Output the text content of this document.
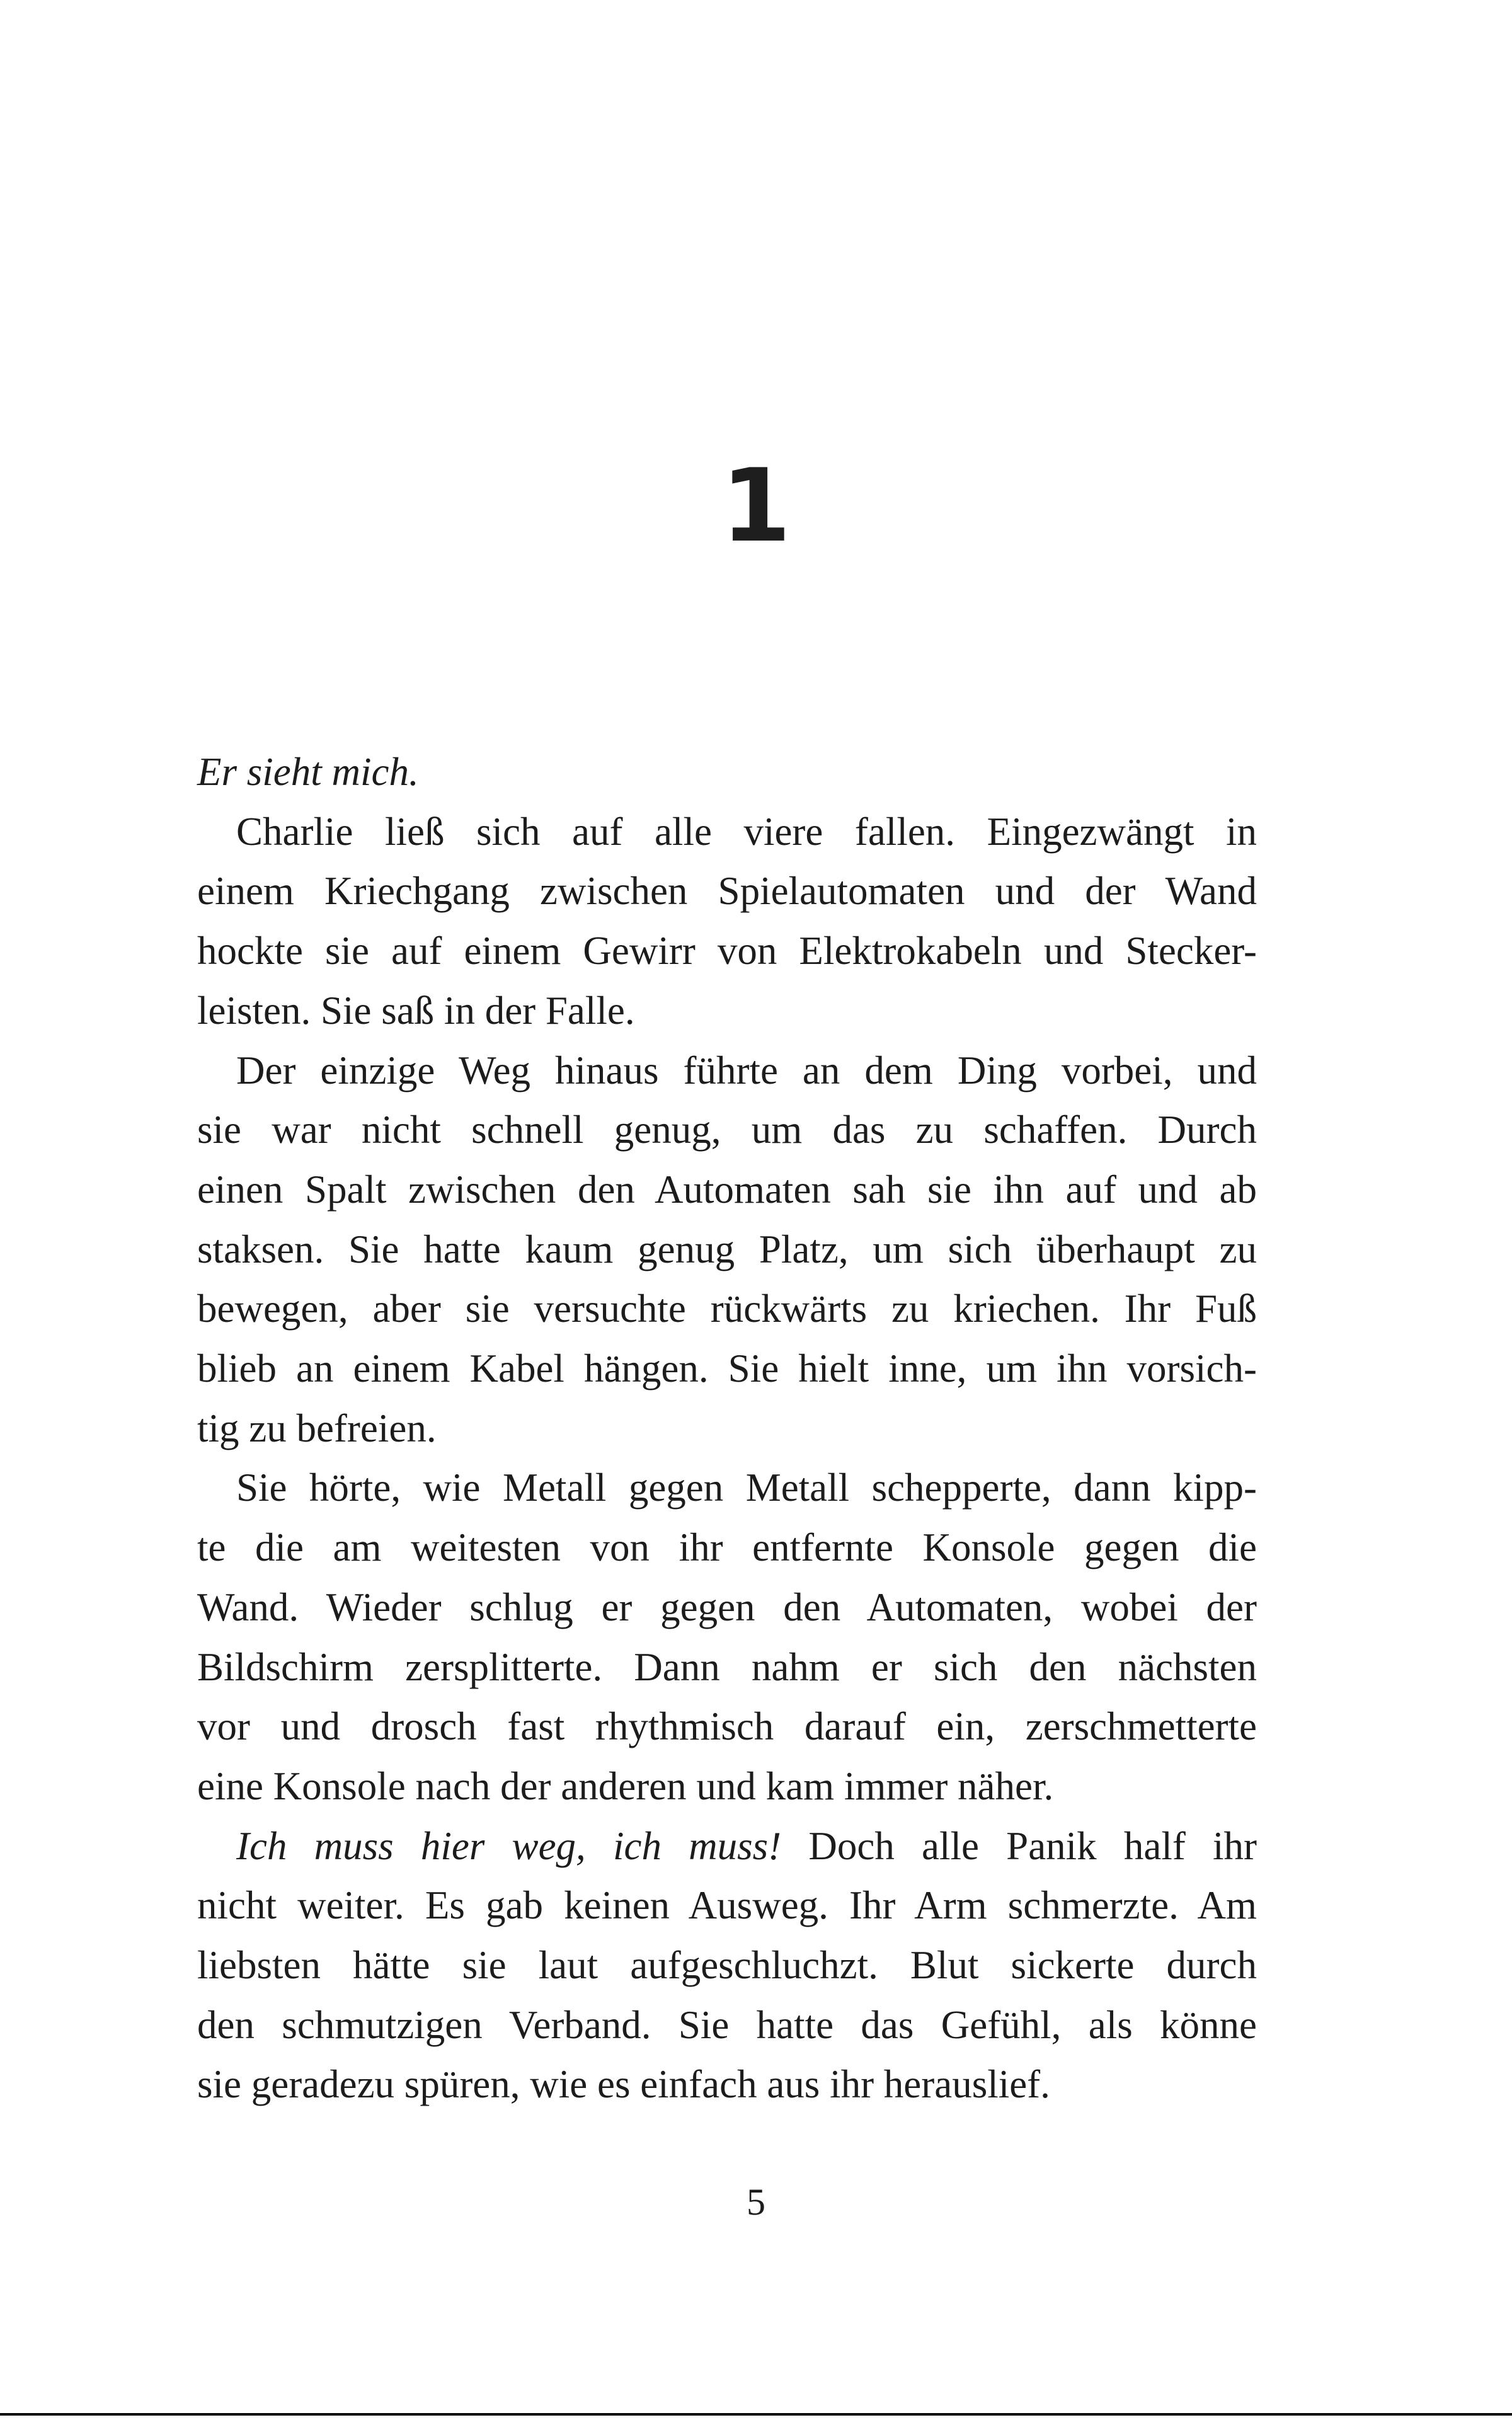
1
Er sieht mich.
Charlie ließ sich auf alle viere fallen. Eingezwängt in
einem Kriechgang zwischen Spielautomaten und der Wand
hockte sie auf einem Gewirr von Elektrokabeln und Stecker-
leisten. Sie saß in der Falle.
Der einzige Weg hinaus führte an dem Ding vorbei, und
sie war nicht schnell genug, um das zu schaffen. Durch
einen Spalt zwischen den Automaten sah sie ihn auf und ab
staksen. Sie hatte kaum genug Platz, um sich überhaupt zu
bewegen, aber sie versuchte rückwärts zu kriechen. Ihr Fuß
blieb an einem Kabel hängen. Sie hielt inne, um ihn vorsich-
tig zu befreien.
Sie hörte, wie Metall gegen Metall schepperte, dann kipp-
te die am weitesten von ihr entfernte Konsole gegen die
Wand. Wieder schlug er gegen den Automaten, wobei der
Bildschirm zersplitterte. Dann nahm er sich den nächsten
vor und drosch fast rhythmisch darauf ein, zerschmetterte
eine Konsole nach der anderen und kam immer näher.
Ich muss hier weg, ich muss! Doch alle Panik half ihr
nicht weiter. Es gab keinen Ausweg. Ihr Arm schmerzte. Am
liebsten hätte sie laut aufgeschluchzt. Blut sickerte durch
den schmutzigen Verband. Sie hatte das Gefühl, als könne
sie geradezu spüren, wie es einfach aus ihr herauslief.
5
